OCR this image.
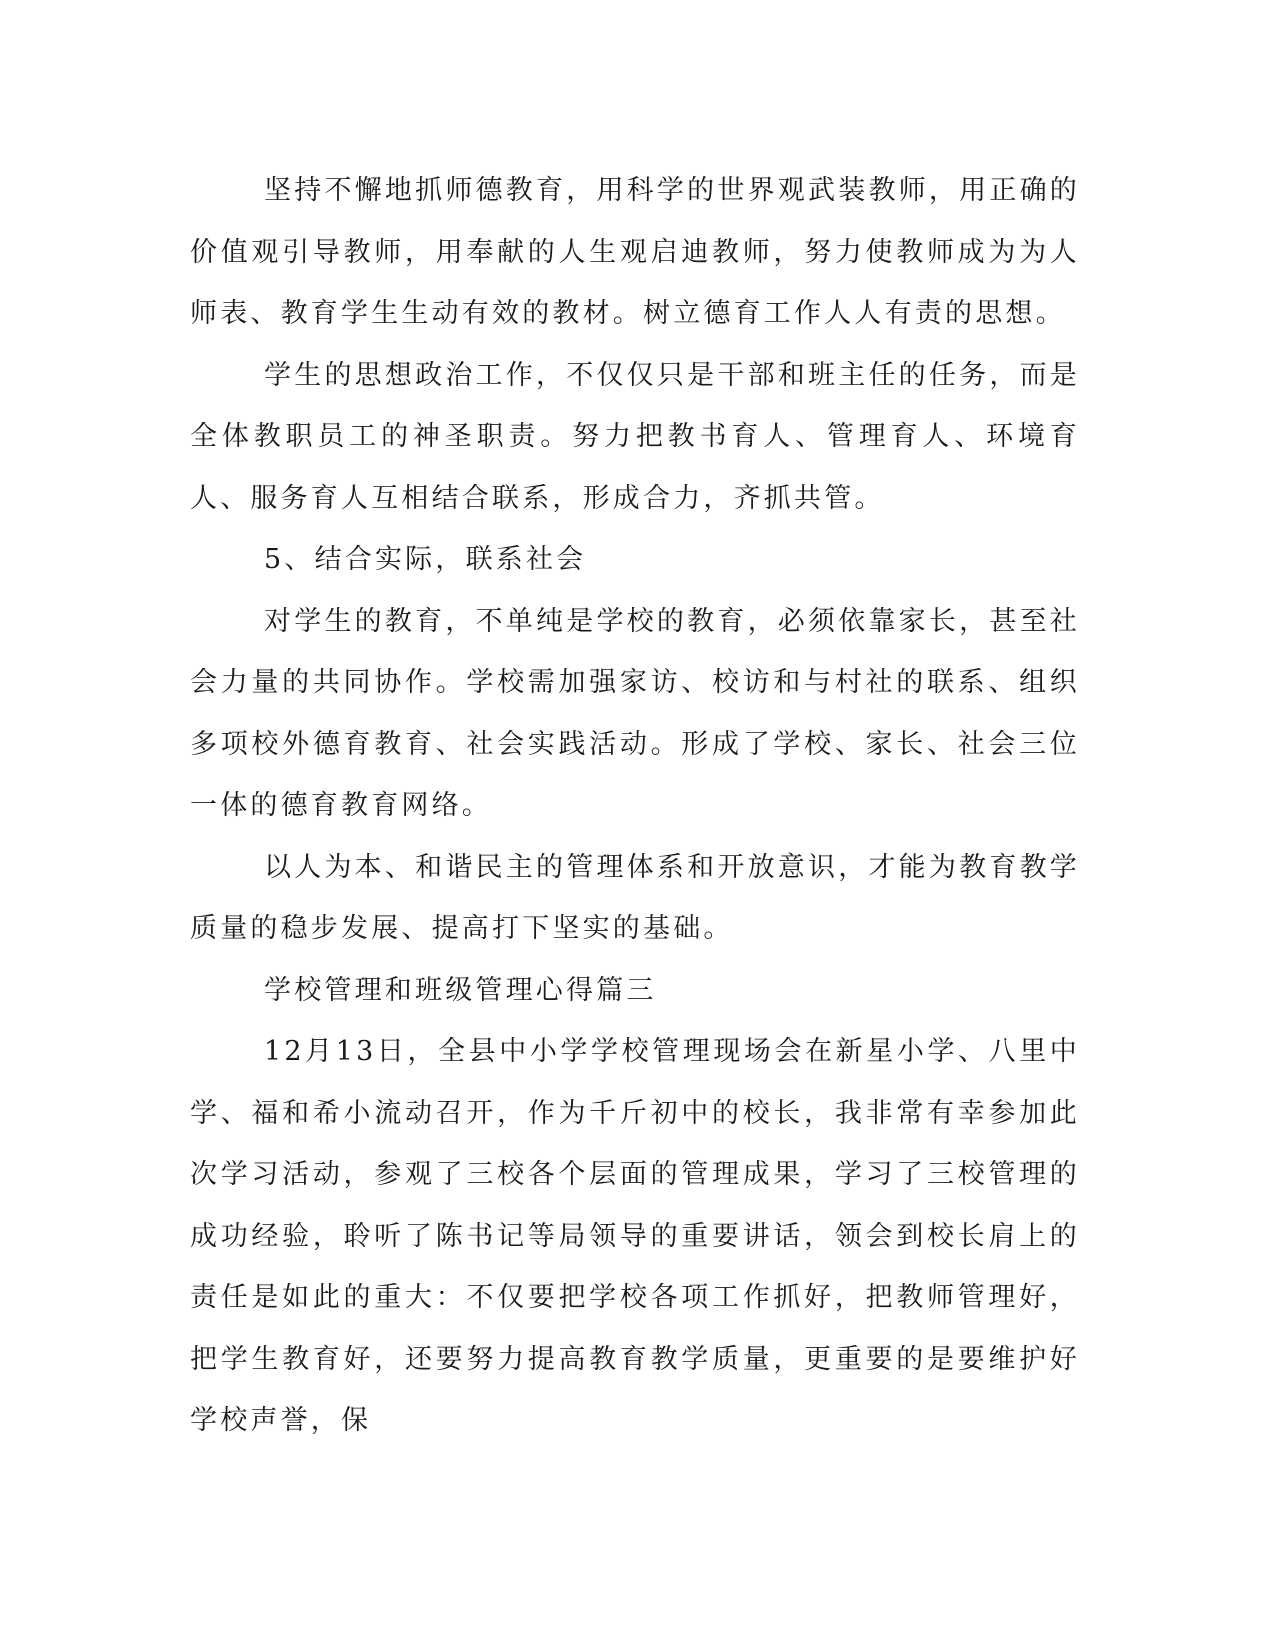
坚持不懈地抓师德教育，用科学的世界观武装教师，用正确的价值观引导教师，用奉献的人生观启迪教师，努力使教师成为为人师表、教育学生生动有效的教材。树立德育工作人人有责的思想。

学生的思想政治工作，不仅仅只是干部和班主任的任务，而是全体教职员工的神圣职责。努力把教书育人、管理育人、环境育人、服务育人互相结合联系，形成合力，齐抓共管。

5、结合实际，联系社会

对学生的教育，不单纯是学校的教育，必须依靠家长，甚至社会力量的共同协作。学校需加强家访、校访和与村社的联系、组织多项校外德育教育、社会实践活动。形成了学校、家长、社会三位一体的德育教育网络。

以人为本、和谐民主的管理体系和开放意识，才能为教育教学质量的稳步发展、提高打下坚实的基础。

学校管理和班级管理心得篇三

12月13日，全县中小学学校管理现场会在新星小学、八里中学、福和希小流动召开，作为千斤初中的校长，我非常有幸参加此次学习活动，参观了三校各个层面的管理成果，学习了三校管理的成功经验，聆听了陈书记等局领导的重要讲话，领会到校长肩上的责任是如此的重大：不仅要把学校各项工作抓好，把教师管理好，把学生教育好，还要努力提高教育教学质量，更重要的是要维护好学校声誉，保
